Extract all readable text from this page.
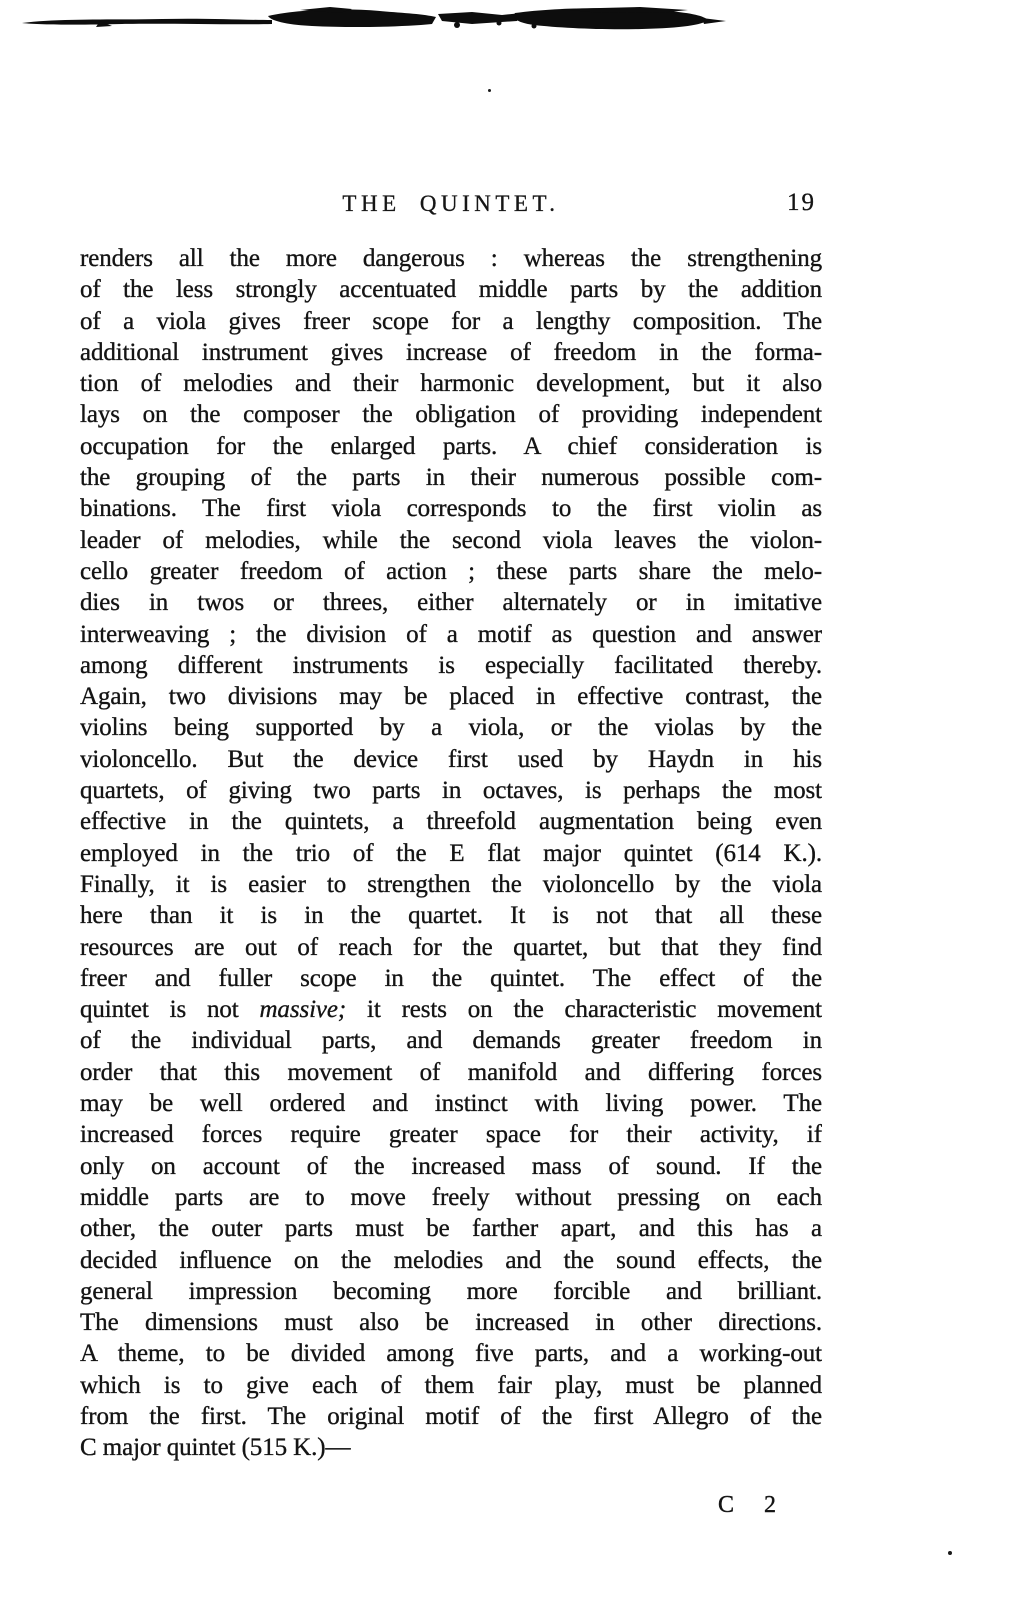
THE QUINTET.	19
renders all the more dangerous : whereas the strengthening
of the less strongly accentuated middle parts by the addition
of a viola gives freer scope for a lengthy composition. The
additional instrument gives increase of freedom in the forma-
tion of melodies and their harmonic development, but it also
lays on the composer the obligation of providing independent
occupation for the enlarged parts. A chief consideration is
the grouping of the parts in their numerous possible com-
binations. The first viola corresponds to the first violin as
leader of melodies, while the second viola leaves the violon-
cello greater freedom of action ; these parts share the melo-
dies in twos or threes, either alternately or in imitative
interweaving ; the division of a motif as question and answer
among different instruments is especially facilitated thereby.
Again, two divisions may be placed in effective contrast, the
violins being supported by a viola, or the violas by the
violoncello. But the device first used by Haydn in his
quartets, of giving two parts in octaves, is perhaps the most
effective in the quintets, a threefold augmentation being even
employed in the trio of the E flat major quintet (614 K.).
Finally, it is easier to strengthen the violoncello by the viola
here than it is in the quartet. It is not that all these
resources are out of reach for the quartet, but that they find
freer and fuller scope in the quintet. The effect of the
quintet is not massive; it rests on the characteristic movement
of the individual parts, and demands greater freedom in
order that this movement of manifold and differing forces
may be well ordered and instinct with living power. The
increased forces require greater space for their activity, if
only on account of the increased mass of sound. If the
middle parts are to move freely without pressing on each
other, the outer parts must be farther apart, and this has a
decided influence on the melodies and the sound effects, the
general impression becoming more forcible and brilliant.
The dimensions must also be increased in other directions.
A theme, to be divided among five parts, and a working-out
which is to give each of them fair play, must be planned
from the first. The original motif of the first Allegro of the
C major quintet (515 K.)—
C 2
